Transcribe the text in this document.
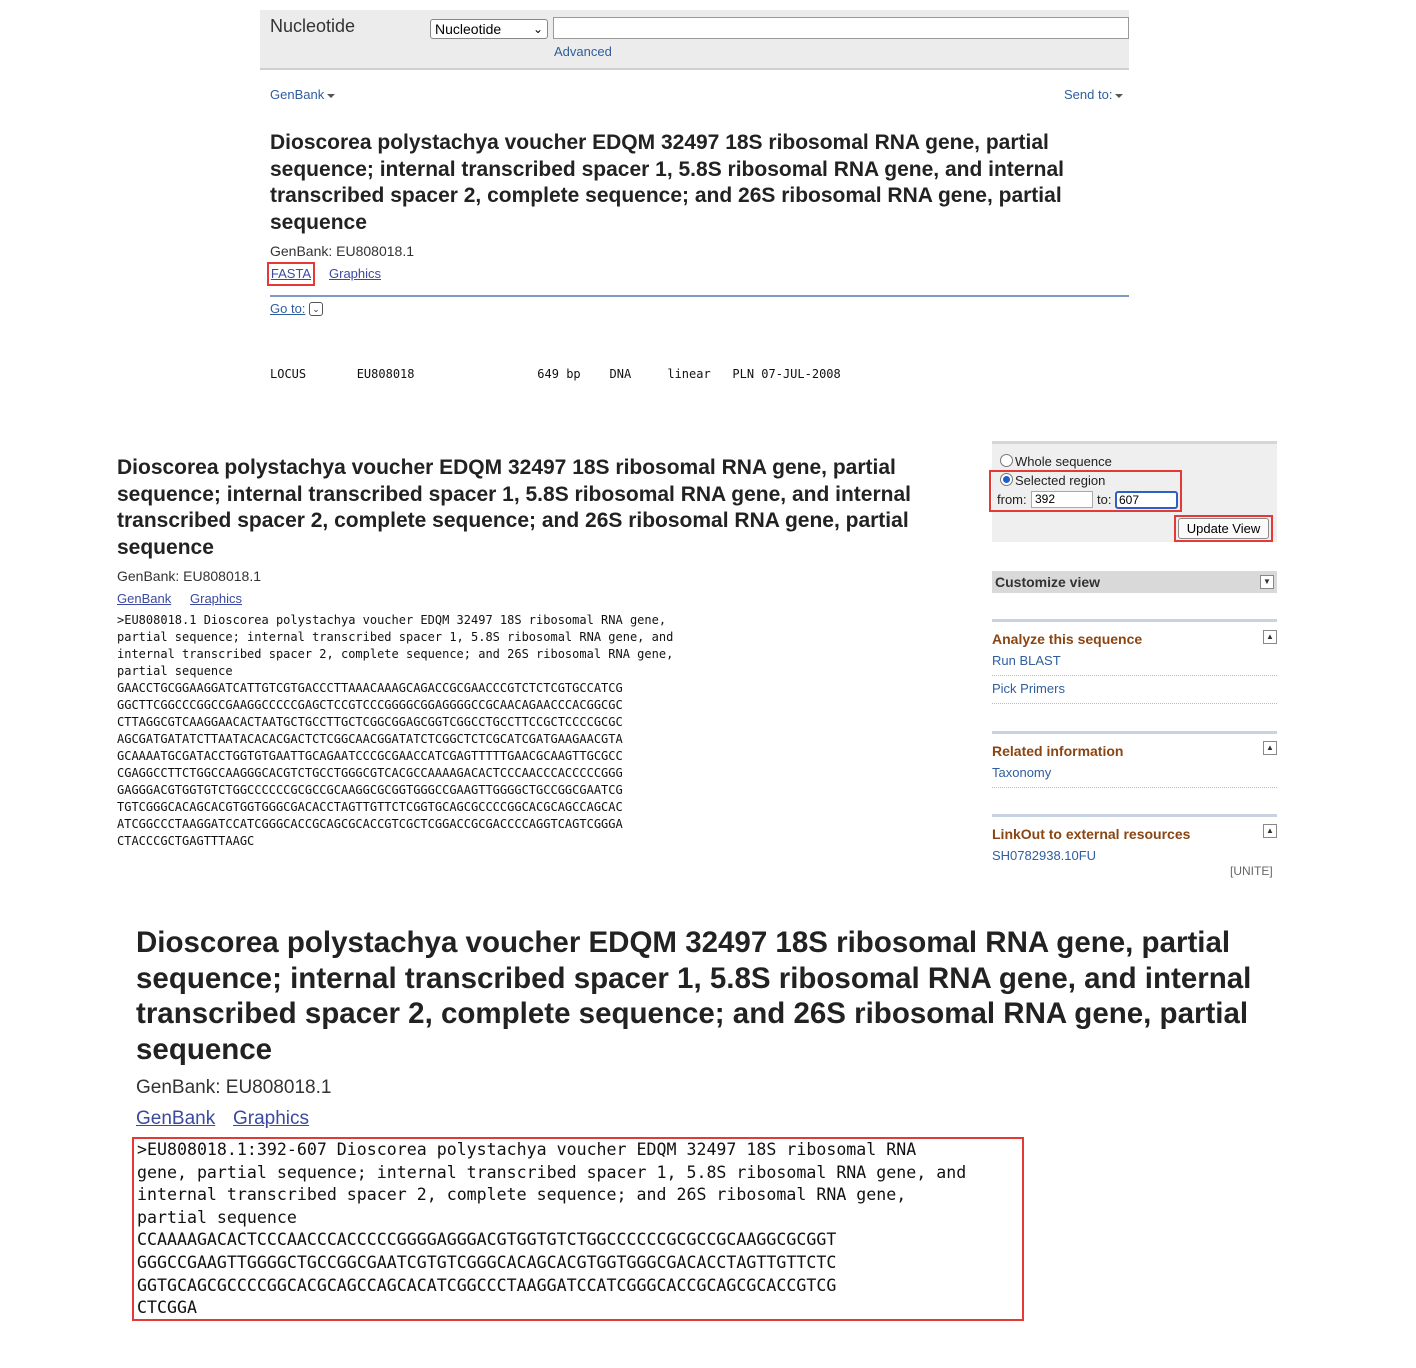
Nucleotide	Nucleotide	⌄
Advanced
GenBank	Send to:
Dioscorea polystachya voucher EDQM 32497 18S ribosomal RNA gene, partial sequence; internal transcribed spacer 1, 5.8S ribosomal RNA gene, and internal transcribed spacer 2, complete sequence; and 26S ribosomal RNA gene, partial sequence
GenBank: EU808018.1
FASTA Graphics
Go to: ⌄

LOCUS       EU808018                 649 bp    DNA     linear   PLN 07-JUL-2008

Dioscorea polystachya voucher EDQM 32497 18S ribosomal RNA gene, partial sequence; internal transcribed spacer 1, 5.8S ribosomal RNA gene, and internal transcribed spacer 2, complete sequence; and 26S ribosomal RNA gene, partial sequence
GenBank: EU808018.1
GenBank Graphics
>EU808018.1 Dioscorea polystachya voucher EDQM 32497 18S ribosomal RNA gene,
partial sequence; internal transcribed spacer 1, 5.8S ribosomal RNA gene, and
internal transcribed spacer 2, complete sequence; and 26S ribosomal RNA gene,
partial sequence
GAACCTGCGGAAGGATCATTGTCGTGACCCTTAAACAAAGCAGACCGCGAACCCGTCTCTCGTGCCATCG
GGCTTCGGCCCGGCCGAAGGCCCCCGAGCTCCGTCCCGGGGCGGAGGGGCCGCAACAGAACCCACGGCGC
CTTAGGCGTCAAGGAACACTAATGCTGCCTTGCTCGGCGGAGCGGTCGGCCTGCCTTCCGCTCCCCGCGC
AGCGATGATATCTTAATACACACGACTCTCGGCAACGGATATCTCGGCTCTCGCATCGATGAAGAACGTA
GCAAAATGCGATACCTGGTGTGAATTGCAGAATCCCGCGAACCATCGAGTTTTTGAACGCAAGTTGCGCC
CGAGGCCTTCTGGCCAAGGGCACGTCTGCCTGGGCGTCACGCCAAAAGACACTCCCAACCCACCCCCGGG
GAGGGACGTGGTGTCTGGCCCCCCGCGCCGCAAGGCGCGGTGGGCCGAAGTTGGGGCTGCCGGCGAATCG
TGTCGGGCACAGCACGTGGTGGGCGACACCTAGTTGTTCTCGGTGCAGCGCCCCGGCACGCAGCCAGCAC
ATCGGCCCTAAGGATCCATCGGGCACCGCAGCGCACCGTCGCTCGGACCGCGACCCCAGGTCAGTCGGGA
CTACCCGCTGAGTTTAAGC
Whole sequence
Selected region
from: 392	to: 607
Update View
Customize view	▼
Analyze this sequence	▲
Run BLAST
Pick Primers
Related information	▲
Taxonomy
LinkOut to external resources	▲
SH0782938.10FU
[UNITE]
Dioscorea polystachya voucher EDQM 32497 18S ribosomal RNA gene, partial sequence; internal transcribed spacer 1, 5.8S ribosomal RNA gene, and internal transcribed spacer 2, complete sequence; and 26S ribosomal RNA gene, partial sequence
GenBank: EU808018.1
GenBank Graphics
>EU808018.1:392-607 Dioscorea polystachya voucher EDQM 32497 18S ribosomal RNA
gene, partial sequence; internal transcribed spacer 1, 5.8S ribosomal RNA gene, and
internal transcribed spacer 2, complete sequence; and 26S ribosomal RNA gene,
partial sequence
CCAAAAGACACTCCCAACCCACCCCCGGGGAGGGACGTGGTGTCTGGCCCCCCGCGCCGCAAGGCGCGGT
GGGCCGAAGTTGGGGCTGCCGGCGAATCGTGTCGGGCACAGCACGTGGTGGGCGACACCTAGTTGTTCTC
GGTGCAGCGCCCCGGCACGCAGCCAGCACATCGGCCCTAAGGATCCATCGGGCACCGCAGCGCACCGTCG
CTCGGA
